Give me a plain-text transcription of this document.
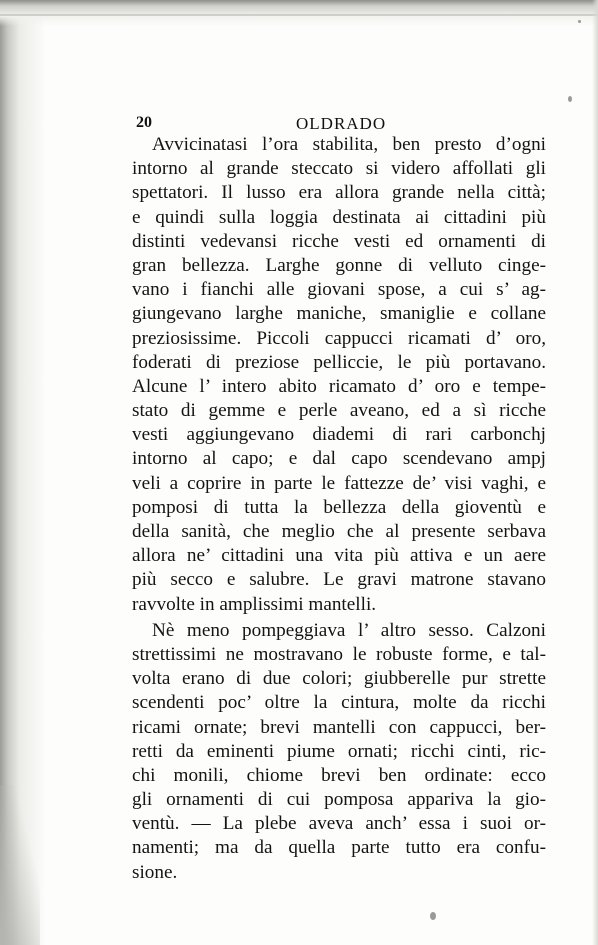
20	OLDRADO
Avvicinatasi l’ora stabilita, ben presto d’ogni
intorno al grande steccato si videro affollati gli
spettatori. Il lusso era allora grande nella città;
e quindi sulla loggia destinata ai cittadini più
distinti vedevansi ricche vesti ed ornamenti di
gran bellezza. Larghe gonne di velluto cinge-
vano i fianchi alle giovani spose, a cui s’ ag-
giungevano larghe maniche, smaniglie e collane
preziosissime. Piccoli cappucci ricamati d’ oro,
foderati di preziose pelliccie, le più portavano.
Alcune l’ intero abito ricamato d’ oro e tempe-
stato di gemme e perle aveano, ed a sì ricche
vesti aggiungevano diademi di rari carbonchj
intorno al capo; e dal capo scendevano ampj
veli a coprire in parte le fattezze de’ visi vaghi, e
pomposi di tutta la bellezza della gioventù e
della sanità, che meglio che al presente serbava
allora ne’ cittadini una vita più attiva e un aere
più secco e salubre. Le gravi matrone stavano
ravvolte in amplissimi mantelli.
Nè meno pompeggiava l’ altro sesso. Calzoni
strettissimi ne mostravano le robuste forme, e tal-
volta erano di due colori; giubberelle pur strette
scendenti poc’ oltre la cintura, molte da ricchi
ricami ornate; brevi mantelli con cappucci, ber-
retti da eminenti piume ornati; ricchi cinti, ric-
chi monili, chiome brevi ben ordinate: ecco
gli ornamenti di cui pomposa appariva la gio-
ventù. — La plebe aveva anch’ essa i suoi or-
namenti; ma da quella parte tutto era confu-
sione.
